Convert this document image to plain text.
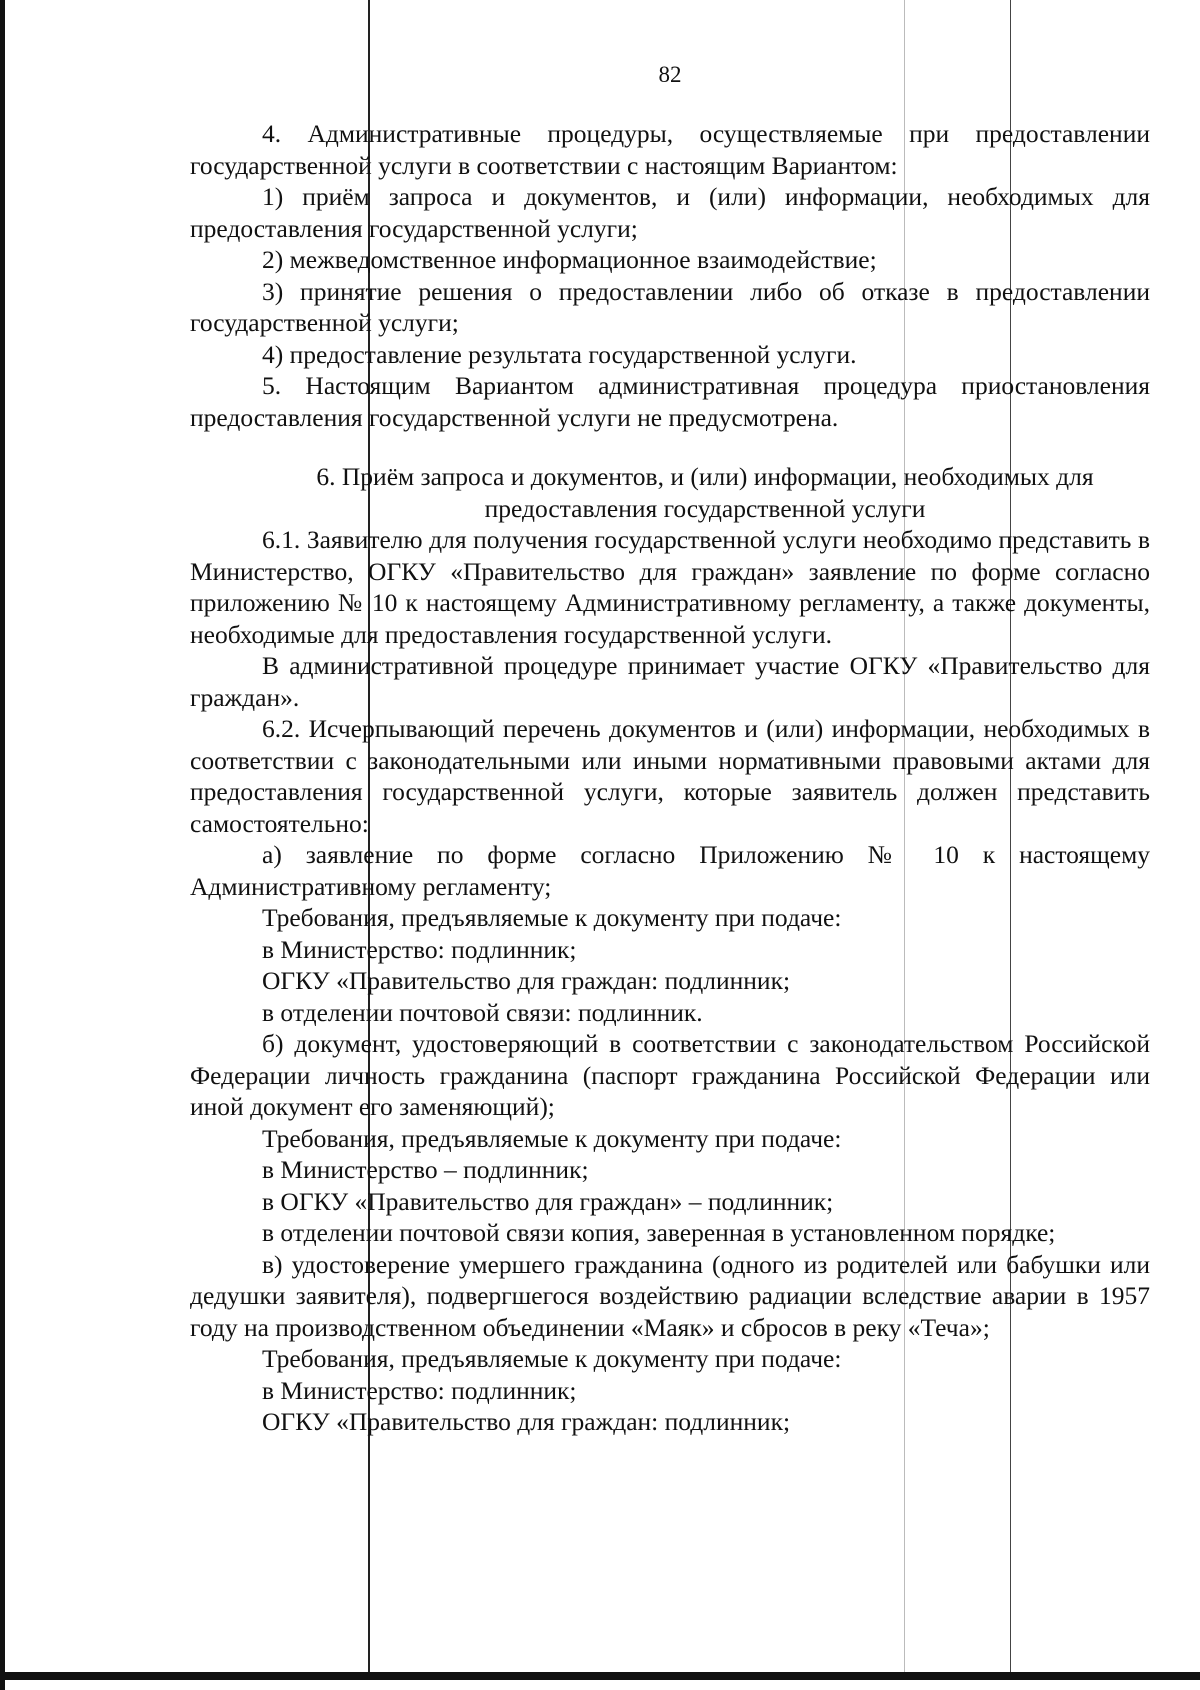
82

4. Административные процедуры, осуществляемые при предоставлении государственной услуги в соответствии с настоящим Вариантом:

1) приём запроса и документов, и (или) информации, необходимых для предоставления государственной услуги;

2) межведомственное информационное взаимодействие;

3) принятие решения о предоставлении либо об отказе в предоставлении государственной услуги;

4) предоставление результата государственной услуги.

5. Настоящим Вариантом административная процедура приостановления предоставления государственной услуги не предусмотрена.

6. Приём запроса и документов, и (или) информации, необходимых для
предоставления государственной услуги

6.1. Заявителю для получения государственной услуги необходимо представить в Министерство, ОГКУ «Правительство для граждан» заявление по форме согласно приложению № 10 к настоящему Административному регламенту, а также документы, необходимые для предоставления государственной услуги.

В административной процедуре принимает участие ОГКУ «Правительство для граждан».

6.2. Исчерпывающий перечень документов и (или) информации, необходимых в соответствии с законодательными или иными нормативными правовыми актами для предоставления государственной услуги, которые заявитель должен представить самостоятельно:

а) заявление по форме согласно Приложению № 10 к настоящему Административному регламенту;

Требования, предъявляемые к документу при подаче:

в Министерство: подлинник;

ОГКУ «Правительство для граждан: подлинник;

в отделении почтовой связи: подлинник.

б) документ, удостоверяющий в соответствии с законодательством Российской Федерации личность гражданина (паспорт гражданина Российской Федерации или иной документ его заменяющий);

Требования, предъявляемые к документу при подаче:

в Министерство – подлинник;

в ОГКУ «Правительство для граждан» – подлинник;

в отделении почтовой связи копия, заверенная в установленном порядке;

в) удостоверение умершего гражданина (одного из родителей или бабушки или дедушки заявителя), подвергшегося воздействию радиации вследствие аварии в 1957 году на производственном объединении «Маяк» и сбросов в реку «Теча»;

Требования, предъявляемые к документу при подаче:

в Министерство: подлинник;

ОГКУ «Правительство для граждан: подлинник;
